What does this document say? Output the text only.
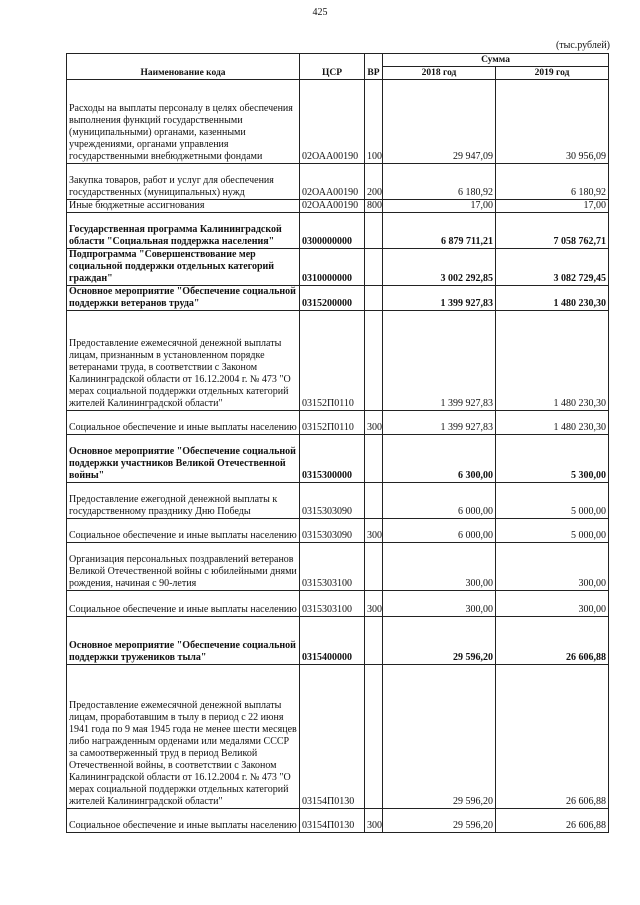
425
(тыс.рублей)
Наименование кода	ЦСР	ВР	Сумма	
			2018 год	2019 год
Расходы на выплаты персоналу в целях обеспечения выполнения функций государственными (муниципальными) органами, казенными учреждениями, органами управления государственными внебюджетными фондами	02ОАА00190	100	29 947,09	30 956,09
Закупка товаров, работ и услуг для обеспечения государственных (муниципальных) нужд	02ОАА00190	200	6 180,92	6 180,92
Иные бюджетные ассигнования	02ОАА00190	800	17,00	17,00
Государственная программа Калининградской области "Социальная поддержка населения"	0300000000		6 879 711,21	7 058 762,71
Подпрограмма "Совершенствование мер социальной поддержки отдельных категорий граждан"	0310000000		3 002 292,85	3 082 729,45
Основное мероприятие "Обеспечение социальной поддержки ветеранов труда"	0315200000		1 399 927,83	1 480 230,30
Предоставление ежемесячной денежной выплаты лицам, признанным в установленном порядке ветеранами труда, в соответствии с Законом Калининградской области от 16.12.2004 г. № 473 "О мерах социальной поддержки отдельных категорий жителей Калининградской области"	03152П0110		1 399 927,83	1 480 230,30
Социальное обеспечение и иные выплаты населению	03152П0110	300	1 399 927,83	1 480 230,30
Основное мероприятие "Обеспечение социальной поддержки участников Великой Отечественной войны"	0315300000		6 300,00	5 300,00
Предоставление ежегодной денежной выплаты к государственному празднику Дню Победы	0315303090		6 000,00	5 000,00
Социальное обеспечение и иные выплаты населению	0315303090	300	6 000,00	5 000,00
Организация персональных поздравлений ветеранов Великой Отечественной войны с юбилейными днями рождения, начиная с 90-летия	0315303100		300,00	300,00
Социальное обеспечение и иные выплаты населению	0315303100	300	300,00	300,00
Основное мероприятие "Обеспечение социальной поддержки тружеников тыла"	0315400000		29 596,20	26 606,88
Предоставление ежемесячной денежной выплаты лицам, проработавшим в тылу в период с 22 июня 1941 года по 9 мая 1945 года не менее шести месяцев либо награжденным орденами или медалями СССР за самоотверженный труд в период Великой Отечественной войны, в соответствии с Законом Калининградской области от 16.12.2004 г. № 473 "О мерах социальной поддержки отдельных категорий жителей Калининградской области"	03154П0130		29 596,20	26 606,88
Социальное обеспечение и иные выплаты населению	03154П0130	300	29 596,20	26 606,88
